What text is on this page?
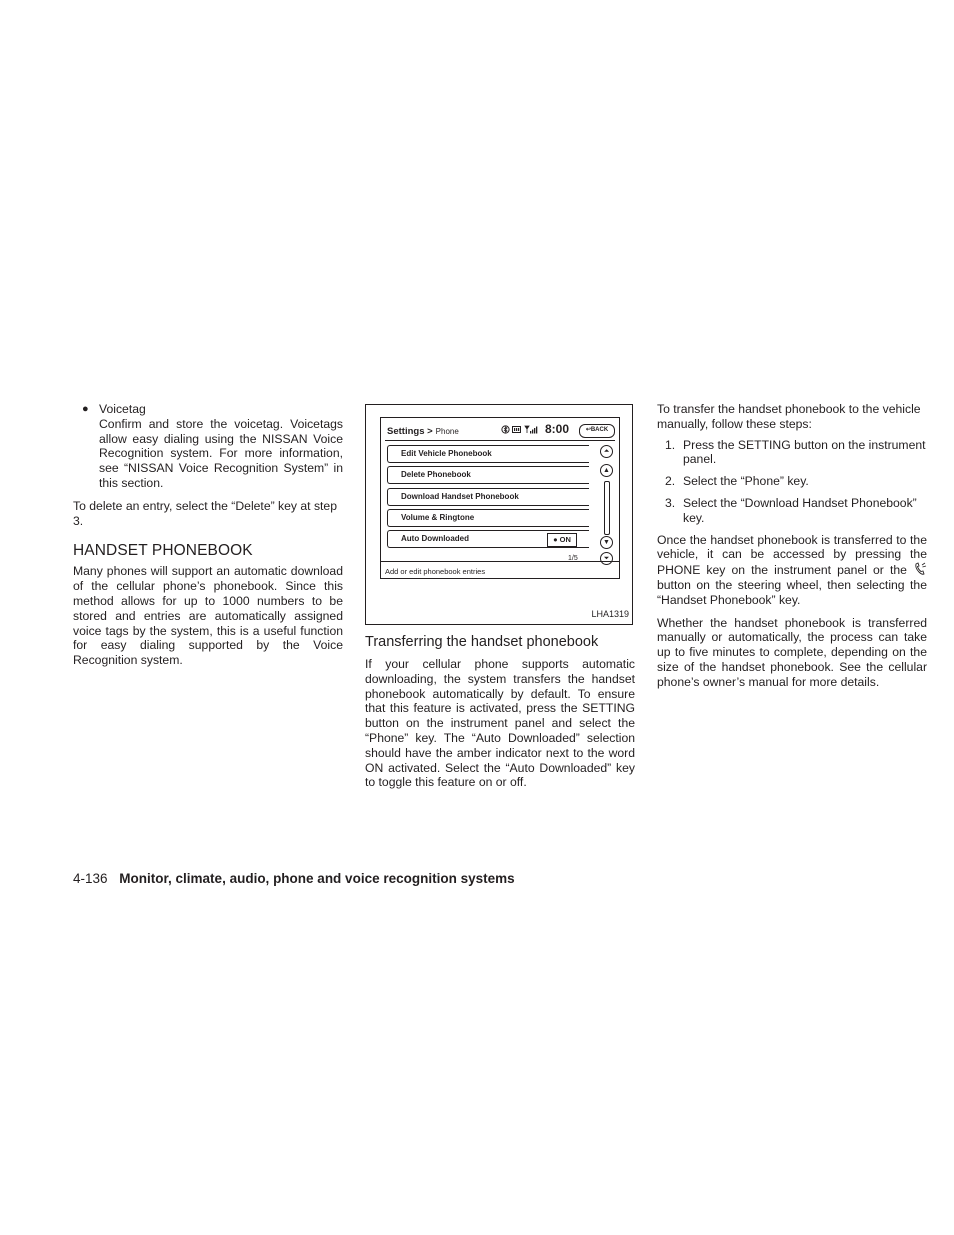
● Voicetag

Confirm and store the voicetag. Voicetags allow easy dialing using the NISSAN Voice Recognition system. For more information, see “NISSAN Voice Recognition System” in this section.

To delete an entry, select the “Delete” key at step 3.

HANDSET PHONEBOOK

Many phones will support an automatic download of the cellular phone’s phonebook. Since this method allows for up to 1000 numbers to be stored and entries are automatically assigned voice tags by the system, this is a useful function for easy dialing supported by the Voice Recognition system.

Settings > Phone	8:00	↩BACK
Edit Vehicle Phonebook
Delete Phonebook
Download Handset Phonebook
Volume & Ringtone
Auto Downloaded	● ON
1/5
⏶
▲
▼
⏷
Add or edit phonebook entries
LHA1319
Transferring the handset phonebook

If your cellular phone supports automatic downloading, the system transfers the handset phonebook automatically by default. To ensure that this feature is activated, press the SETTING button on the instrument panel and select the “Phone” key. The “Auto Downloaded” selection should have the amber indicator next to the word ON activated. Select the “Auto Downloaded” key to toggle this feature on or off.

To transfer the handset phonebook to the vehicle manually, follow these steps:

1. Press the SETTING button on the instrument panel.
2. Select the “Phone” key.
3. Select the “Download Handset Phonebook” key.

Once the handset phonebook is transferred to the vehicle, it can be accessed by pressing the PHONE key on the instrument panel or the  button on the steering wheel, then selecting the “Handset Phonebook” key.

Whether the handset phonebook is transferred manually or automatically, the process can take up to five minutes to complete, depending on the size of the handset phonebook. See the cellular phone’s owner’s manual for more details.

4-136 Monitor, climate, audio, phone and voice recognition systems
